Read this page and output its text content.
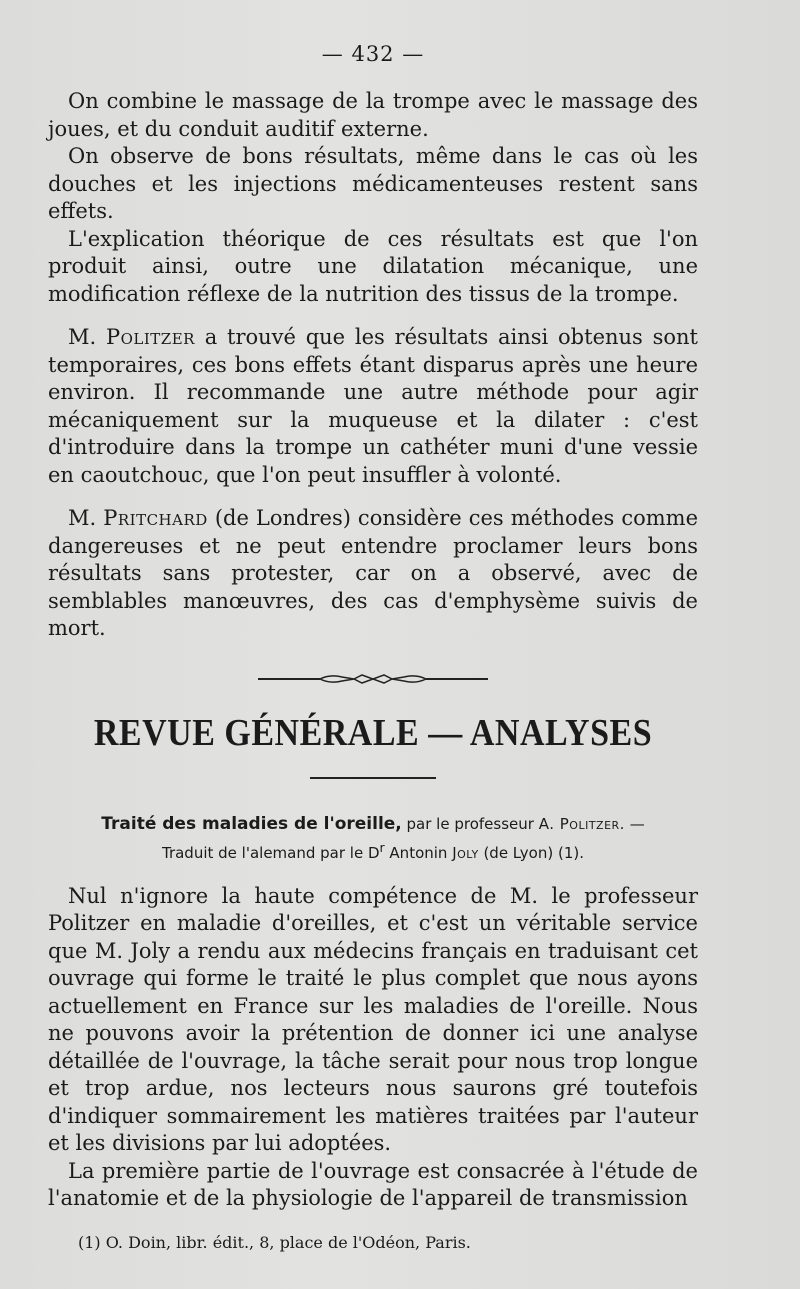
— 432 —

On combine le massage de la trompe avec le massage des joues, et du conduit auditif externe.

On observe de bons résultats, même dans le cas où les douches et les injections médicamenteuses restent sans effets.

L'explication théorique de ces résultats est que l'on produit ainsi, outre une dilatation mécanique, une modification réflexe de la nutrition des tissus de la trompe.

M. Politzer a trouvé que les résultats ainsi obtenus sont temporaires, ces bons effets étant disparus après une heure environ. Il recommande une autre méthode pour agir mécaniquement sur la muqueuse et la dilater : c'est d'introduire dans la trompe un cathéter muni d'une vessie en caoutchouc, que l'on peut insuffler à volonté.

M. Pritchard (de Londres) considère ces méthodes comme dangereuses et ne peut entendre proclamer leurs bons résultats sans protester, car on a observé, avec de semblables manœuvres, des cas d'emphysème suivis de mort.

REVUE GÉNÉRALE — ANALYSES
Traité des maladies de l'oreille, par le professeur A. Politzer. —
Traduit de l'alemand par le $D^r$ Antonin Joly (de Lyon) (1).

Nul n'ignore la haute compétence de M. le professeur Politzer en maladie d'oreilles, et c'est un véritable service que M. Joly a rendu aux médecins français en traduisant cet ouvrage qui forme le traité le plus complet que nous ayons actuellement en France sur les maladies de l'oreille. Nous ne pouvons avoir la prétention de donner ici une analyse détaillée de l'ouvrage, la tâche serait pour nous trop longue et trop ardue, nos lecteurs nous saurons gré toutefois d'indiquer sommairement les matières traitées par l'auteur et les divisions par lui adoptées.

La première partie de l'ouvrage est consacrée à l'étude de l'anatomie et de la physiologie de l'appareil de transmission

(1) O. Doin, libr. édit., 8, place de l'Odéon, Paris.
